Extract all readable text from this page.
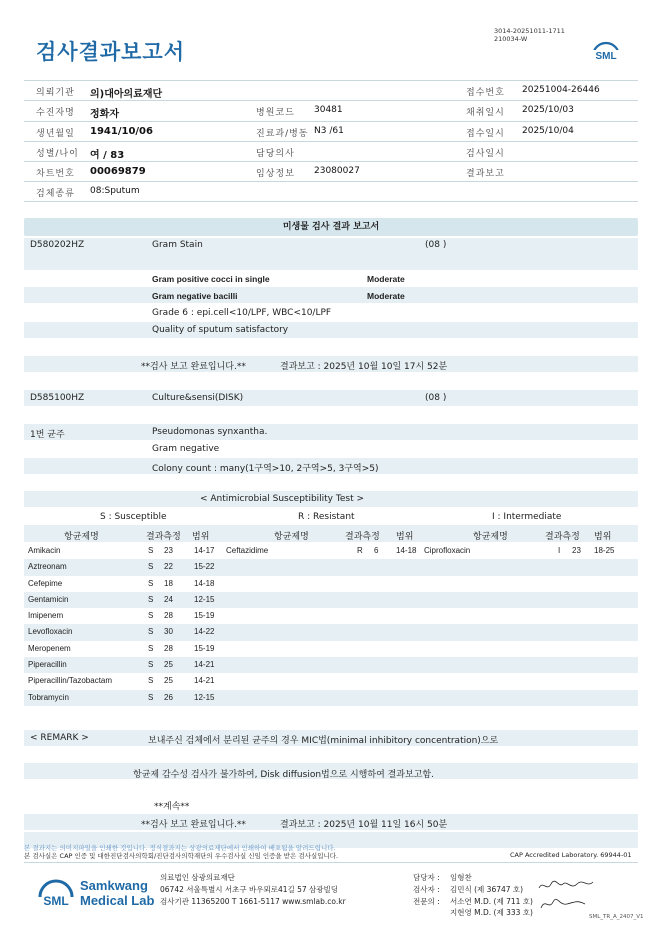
검사결과보고서
3014-20251011-1711
210034-W
SML
의뢰기관 의)대아의료재단	접수번호 20251004-26446
수진자명 정화자	병원코드 30481	채취일시 2025/10/03
생년월일 1941/10/06	진료과/병동 N3 /61	접수일시 2025/10/04
성별/나이 여 / 83	담당의사	검사일시
차트번호 00069879	임상정보 23080027	결과보고
검체종류 08:Sputum
미생물 검사 결과 보고서
D580202HZ	Gram Stain	(08 )
Gram positive cocci in single	Moderate
Gram negative bacilli	Moderate
Grade 6 : epi.cell<10/LPF, WBC<10/LPF
Quality of sputum satisfactory
**검사 보고 완료입니다.**	결과보고 : 2025년 10월 10일 17시 52분
D585100HZ	Culture&sensi(DISK)	(08 )
1번 균주	Pseudomonas synxantha.
Gram negative
Colony count : many(1구역>10, 2구역>5, 3구역>5)
< Antimicrobial Susceptibility Test >
S : Susceptible	R : Resistant	I : Intermediate
항균제명	결과측정 범위	항균제명	결과측정 범위	항균제명	결과측정 범위
Amikacin	S 23	14-17 Ceftazidime	R 6 14-18 Ciprofloxacin	I 23 18-25
Aztreonam	S 22	15-22
Cefepime	S 18	14-18
Gentamicin	S 24	12-15
Imipenem	S 28	15-19
Levofloxacin	S 30	14-22
Meropenem	S 28	15-19
Piperacillin	S 25	14-21
Piperacillin/Tazobactam	S 25	14-21
Tobramycin	S 26	12-15
< REMARK >	보내주신 검체에서 분리된 균주의 경우 MIC법(minimal inhibitory concentration)으로
항균제 감수성 검사가 불가하여, Disk diffusion법으로 시행하여 결과보고함.
**계속**
**검사 보고 완료입니다.**	결과보고 : 2025년 10월 11일 16시 50분
본 결과지는 의미지파일을 인쇄한 것입니다. 정식결과지는 상광의료재단에서 인쇄하여 배포됨을 알려드립니다.
본 검사실은 CAP 인증 및 대한진단검사의학회/진단검사의학재단의 우수검사실 신임 인증을 받은 검사실입니다.	CAP Accredited Laboratory. 69944-01
SML
Samkwang
Medical Lab
의료법인 삼광의료재단
06742 서울특별시 서초구 바우뫼로41길 57 삼광빌딩
검사기관 11365200 T 1661-5117 www.smlab.co.kr
담당자 : 임형찬
검사자 : 김민식 (제 36747 호)
전문의 : 서소연 M.D. (제 711 호)
지현영 M.D. (제 333 호)	SML_TR_A_2407_V1
